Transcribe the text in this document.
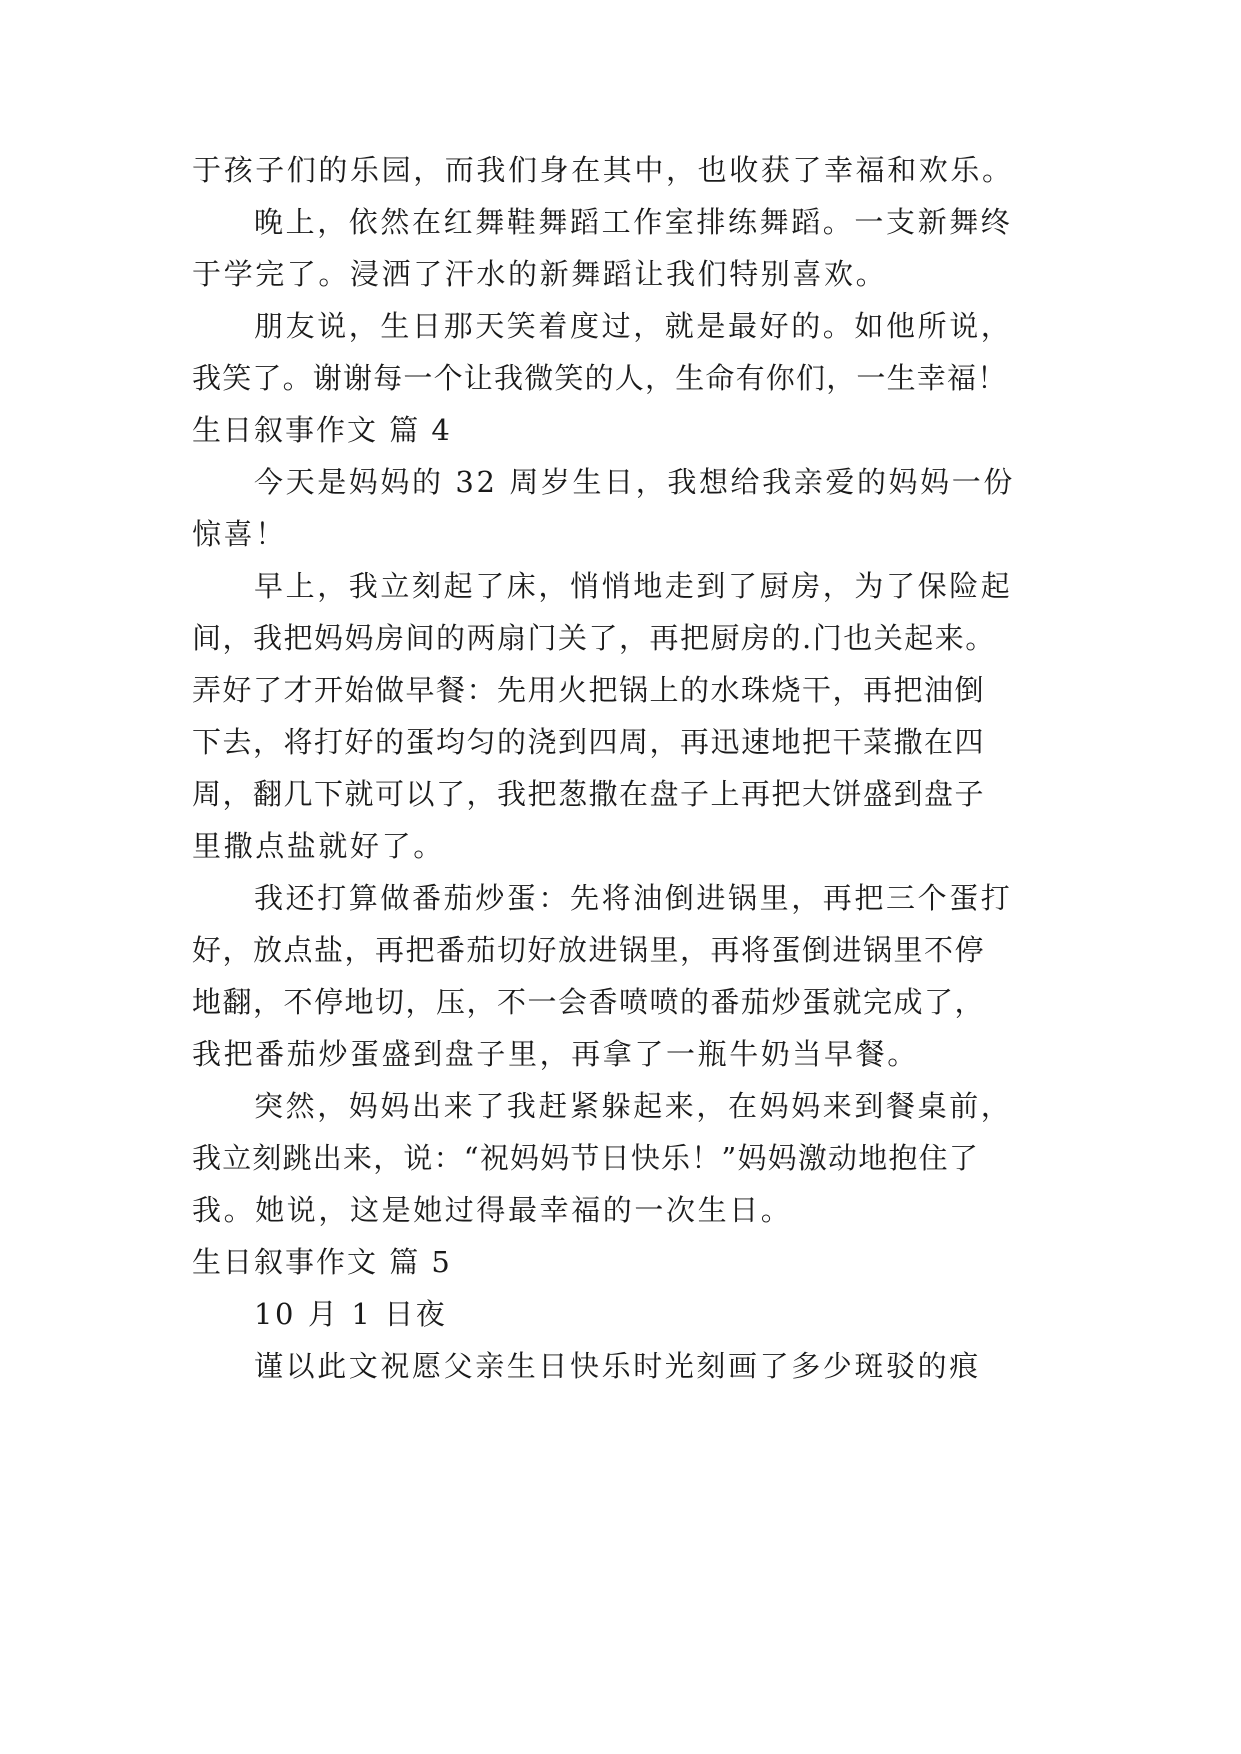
于孩子们的乐园，而我们身在其中，也收获了幸福和欢乐。
晚上，依然在红舞鞋舞蹈工作室排练舞蹈。一支新舞终
于学完了。浸洒了汗水的新舞蹈让我们特别喜欢。
朋友说，生日那天笑着度过，就是最好的。如他所说，
我笑了。谢谢每一个让我微笑的人，生命有你们，一生幸福！
生日叙事作文 篇 4
今天是妈妈的 32 周岁生日，我想给我亲爱的妈妈一份
惊喜！
早上，我立刻起了床，悄悄地走到了厨房，为了保险起
间，我把妈妈房间的两扇门关了，再把厨房的.门也关起来。
弄好了才开始做早餐：先用火把锅上的水珠烧干，再把油倒
下去，将打好的蛋均匀的浇到四周，再迅速地把干菜撒在四
周，翻几下就可以了，我把葱撒在盘子上再把大饼盛到盘子
里撒点盐就好了。
我还打算做番茄炒蛋：先将油倒进锅里，再把三个蛋打
好，放点盐，再把番茄切好放进锅里，再将蛋倒进锅里不停
地翻，不停地切，压，不一会香喷喷的番茄炒蛋就完成了，
我把番茄炒蛋盛到盘子里，再拿了一瓶牛奶当早餐。
突然，妈妈出来了我赶紧躲起来，在妈妈来到餐桌前，
我立刻跳出来，说：“祝妈妈节日快乐！”妈妈激动地抱住了
我。她说，这是她过得最幸福的一次生日。
生日叙事作文 篇 5
10 月 1 日夜
谨以此文祝愿父亲生日快乐时光刻画了多少斑驳的痕
